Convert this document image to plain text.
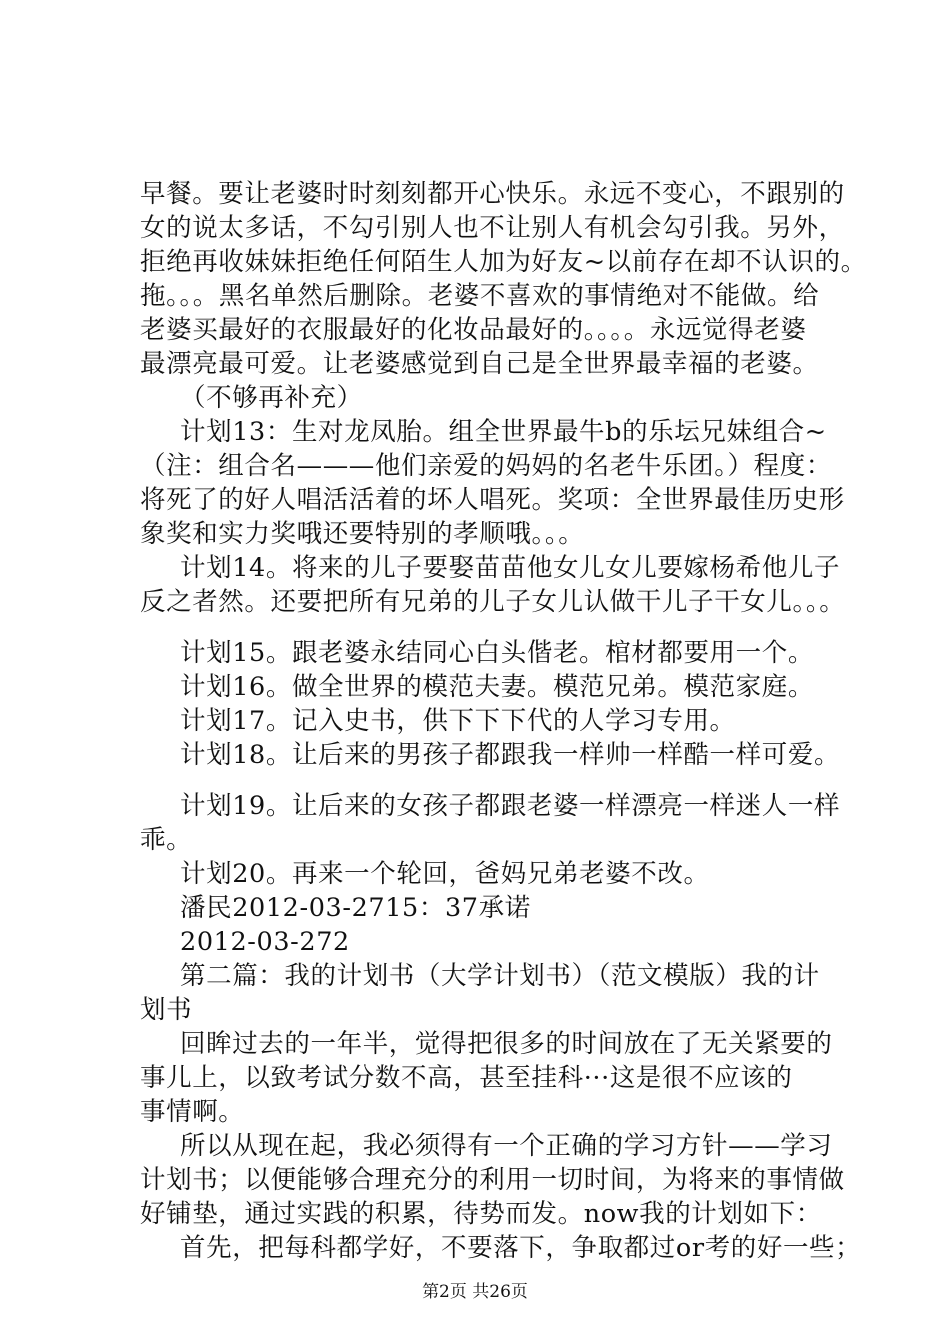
早餐。要让老婆时时刻刻都开心快乐。永远不变心，不跟别的
女的说太多话，不勾引别人也不让别人有机会勾引我。另外，
拒绝再收妹妹拒绝任何陌生人加为好友~以前存在却不认识的。
拖。。。黑名单然后删除。老婆不喜欢的事情绝对不能做。给
老婆买最好的衣服最好的化妆品最好的。。。。永远觉得老婆
最漂亮最可爱。让老婆感觉到自己是全世界最幸福的老婆。
（不够再补充）
计划13：生对龙凤胎。组全世界最牛b的乐坛兄妹组合~
（注：组合名———他们亲爱的妈妈的名老牛乐团。）程度：
将死了的好人唱活活着的坏人唱死。奖项：全世界最佳历史形
象奖和实力奖哦还要特别的孝顺哦。。。
计划14。将来的儿子要娶苗苗他女儿女儿要嫁杨希他儿子
反之者然。还要把所有兄弟的儿子女儿认做干儿子干女儿。。。
计划15。跟老婆永结同心白头偕老。棺材都要用一个。
计划16。做全世界的模范夫妻。模范兄弟。模范家庭。
计划17。记入史书，供下下下代的人学习专用。
计划18。让后来的男孩子都跟我一样帅一样酷一样可爱。
计划19。让后来的女孩子都跟老婆一样漂亮一样迷人一样
乖。
计划20。再来一个轮回，爸妈兄弟老婆不改。
潘民2012-03-2715：37承诺
2012-03-272
第二篇：我的计划书（大学计划书）（范文模版）我的计
划书
回眸过去的一年半，觉得把很多的时间放在了无关紧要的
事儿上，以致考试分数不高，甚至挂科···这是很不应该的
事情啊。
所以从现在起，我必须得有一个正确的学习方针——学习
计划书；以便能够合理充分的利用一切时间，为将来的事情做
好铺垫，通过实践的积累，待势而发。now我的计划如下：
首先，把每科都学好，不要落下，争取都过or考的好一些；
第2页 共26页
